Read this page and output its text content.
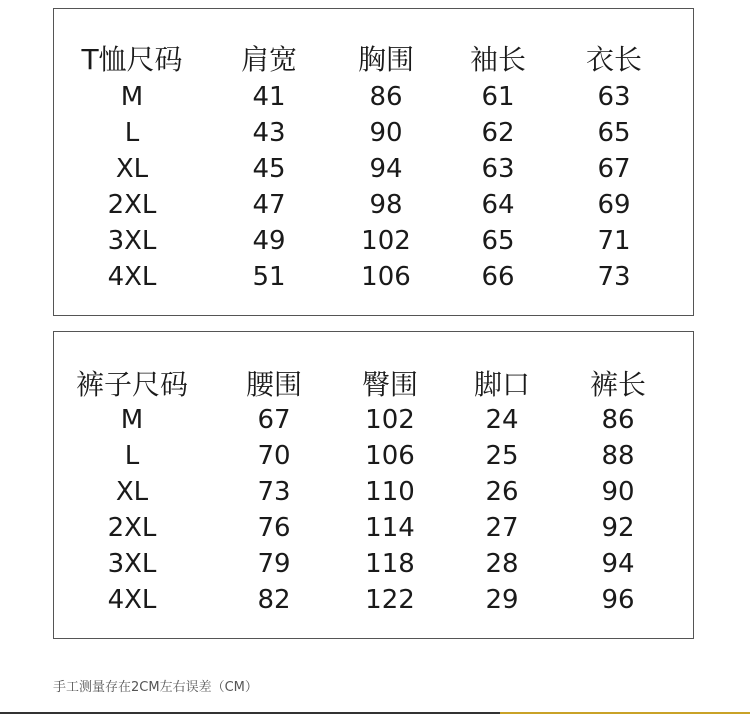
T恤尺码	肩宽	胸围	袖长	衣长
M	41	86	61	63
L	43	90	62	65
XL	45	94	63	67
2XL	47	98	64	69
3XL	49	102	65	71
4XL	51	106	66	73
裤子尺码	腰围	臀围	脚口	裤长
M	67	102	24	86
L	70	106	25	88
XL	73	110	26	90
2XL	76	114	27	92
3XL	79	118	28	94
4XL	82	122	29	96
手工测量存在2CM左右误差（CM）
